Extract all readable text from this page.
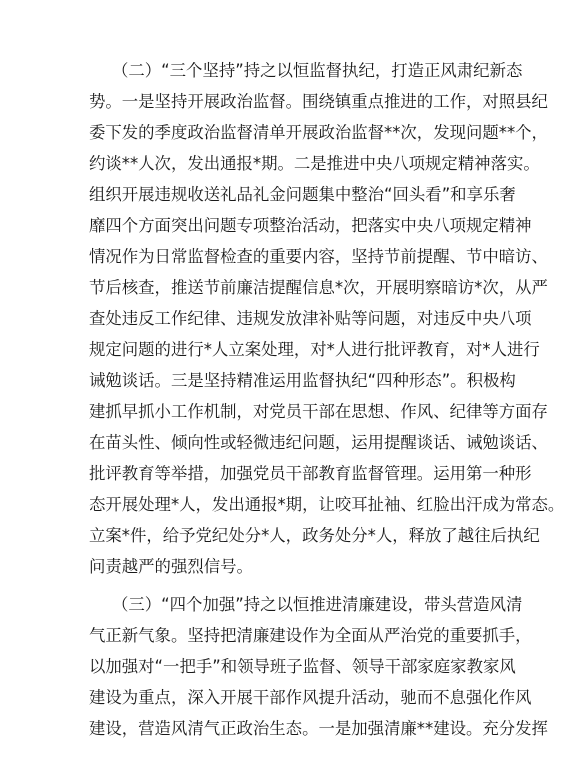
（二）“三个坚持”持之以恒监督执纪，打造正风肃纪新态
势。一是坚持开展政治监督。围绕镇重点推进的工作，对照县纪
委下发的季度政治监督清单开展政治监督**次，发现问题**个，
约谈**人次，发出通报*期。二是推进中央八项规定精神落实。
组织开展违规收送礼品礼金问题集中整治“回头看”和享乐奢
靡四个方面突出问题专项整治活动，把落实中央八项规定精神
情况作为日常监督检查的重要内容，坚持节前提醒、节中暗访、
节后核查，推送节前廉洁提醒信息*次，开展明察暗访*次，从严
查处违反工作纪律、违规发放津补贴等问题，对违反中央八项
规定问题的进行*人立案处理，对*人进行批评教育，对*人进行
诫勉谈话。三是坚持精准运用监督执纪“四种形态”。积极构
建抓早抓小工作机制，对党员干部在思想、作风、纪律等方面存
在苗头性、倾向性或轻微违纪问题，运用提醒谈话、诫勉谈话、
批评教育等举措，加强党员干部教育监督管理。运用第一种形
态开展处理*人，发出通报*期，让咬耳扯袖、红脸出汗成为常态。
立案*件，给予党纪处分*人，政务处分*人，释放了越往后执纪
问责越严的强烈信号。
（三）“四个加强”持之以恒推进清廉建设，带头营造风清
气正新气象。坚持把清廉建设作为全面从严治党的重要抓手，
以加强对“一把手”和领导班子监督、领导干部家庭家教家风
建设为重点，深入开展干部作风提升活动，驰而不息强化作风
建设，营造风清气正政治生态。一是加强清廉**建设。充分发挥
